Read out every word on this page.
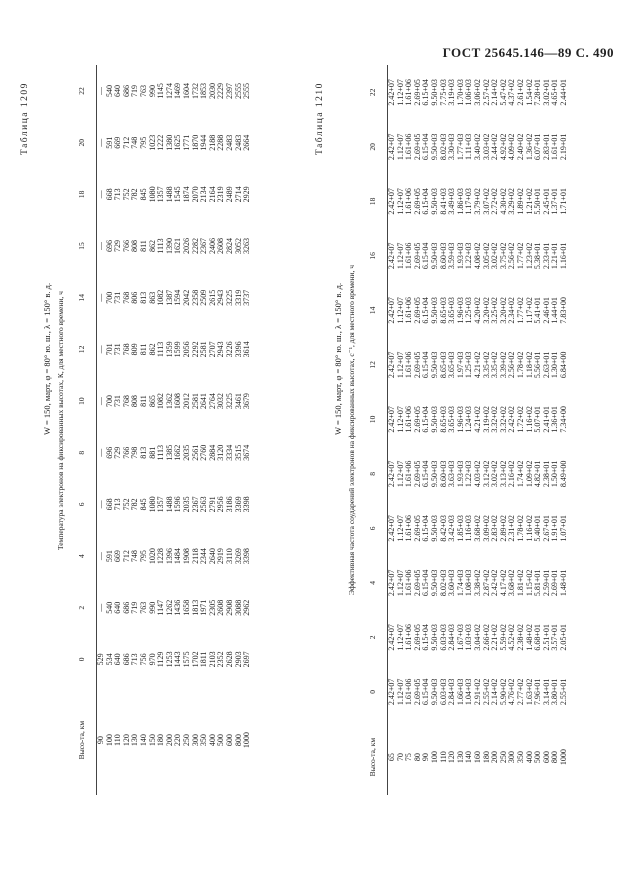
ГОСТ 25645.146—89 С. 490
Таблица 1209
W = 150, март, φ = 80° ю. ш., λ = 150° в. д. Температура электронов на фиксированных высотах, К, для местного времени, ч
Высо-та, км	0	2	4	6	8	10	12	14	15	18	20	22
90	529	—	—	—	—	—	—	—	—	—	—	—
100	534	540	591	668	696	700	701	700	696	668	591	540
110	640	640	669	713	729	731	731	731	729	713	669	640
120	686	686	712	752	766	768	768	768	766	752	712	686
130	713	719	748	782	798	808	809	806	808	782	748	719
140	756	763	795	845	813	811	811	813	811	845	795	763
150	970	990	1020	1080	881	865	862	863	862	1080	1023	990
180	1129	1147	1228	1357	1113	1082	1113	1082	1113	1357	1222	1145
200	1253	1262	1396	1488	1385	1362	1359	1387	1390	1488	1380	1274
220	1443	1436	1484	1596	1662	1608	1599	1594	1621	1545	1625	1469
250	1575	1658	1908	2035	2035	2012	2056	2042	2026	1874	1771	1604
300	1702	1813	2118	2367	2561	2581	2292	2358	2282	2070	1870	1732
350	1811	1971	2344	2563	2760	2641	2581	2509	2367	2134	1944	1853
400	2103	2305	2640	2791	2884	2764	2707	2615	2406	2164	2188	2030
500	2352	2608	2919	2956	3120	3032	2943	2943	2608	2319	2288	2229
600	2628	2908	3110	3186	3334	3225	3226	3225	2824	2489	2483	2397
800	2903	3088	3269	3369	3515	3461	3396	3319	3052	2714	2483	2555
1000	2697	2962	3398	3398	3674	3679	3614	3737	3263	2929	2664	2555	Таблица 1210
W = 150, март, φ = 80° ю. ш., λ = 150° в. д. Эффективная частота соударений электронов на фиксированных высотах, с⁻¹, для местного времени, ч
Высо-та, км	0	2	4	6	8	10	12	14	16	18	20	22
65	2.42+07	2.42+07	2.42+07	2.42+07	2.42+07	2.42+07	2.42+07	2.42+07	2.42+07	2.42+07	2.42+07	2.42+07
70	1.12+07	1.12+07	1.12+07	1.12+07	1.12+07	1.12+07	1.12+07	1.12+07	1.12+07	1.12+07	1.12+07	1.12+07
75	1.61+06	1.61+06	1.61+06	1.61+06	1.61+06	1.61+06	1.61+06	1.61+06	1.61+06	1.61+06	1.61+06	1.61+06
80	2.69+05	2.69+05	2.69+05	2.69+05	2.69+05	2.69+05	2.69+05	2.69+05	2.69+05	2.69+05	2.69+05	2.69+05
90	6.15+04	6.15+04	6.15+04	6.15+04	6.15+04	6.15+04	6.15+04	6.15+04	6.15+04	6.15+04	6.15+04	6.15+04
100	9.50+03	9.50+03	9.50+03	9.50+03	9.50+03	9.50+03	9.50+03	9.50+03	9.50+03	9.50+03	9.50+03	9.50+03
110	6.03+03	6.03+03	8.02+03	8.42+03	8.60+03	8.65+03	8.65+03	8.65+03	8.60+03	8.41+03	8.02+03	7.75+03
120	2.84+03	2.84+03	3.60+03	3.42+03	3.63+03	3.65+03	3.65+03	3.65+03	3.59+03	3.49+03	3.30+03	3.19+03
130	1.66+03	1.67+03	1.74+03	1.85+03	1.93+03	1.96+03	1.97+03	1.96+03	1.93+03	1.86+03	1.77+03	1.70+03
140	1.04+03	1.03+03	1.08+03	1.16+03	1.22+03	1.24+03	1.25+03	1.25+03	1.22+03	1.17+03	1.11+03	1.06+03
160	2.91+02	3.04+02	3.38+02	3.68+02	4.03+02	4.21+02	4.21+02	4.20+02	4.08+02	3.79+02	3.40+02	3.06+02
180	2.55+02	2.66+02	2.87+02	3.09+02	3.12+02	3.19+02	3.35+02	3.20+02	3.05+02	3.07+02	3.03+02	2.57+02
200	2.14+02	2.21+02	2.42+02	2.83+02	3.02+02	3.32+02	3.35+02	3.25+02	3.02+02	2.72+02	2.44+02	2.14+02
250	5.90+02	5.59+02	4.17+02	2.89+02	3.13+02	3.32+02	3.39+02	3.20+02	3.75+02	4.30+02	4.92+02	5.47+02
300	4.76+02	4.52+02	3.68+02	2.31+02	2.16+02	2.42+02	2.56+02	2.34+02	2.56+02	3.29+02	4.09+02	4.37+02
350	2.77+02	2.38+02	1.81+02	1.78+02	1.74+02	1.72+02	1.78+02	1.77+02	1.77+02	1.89+02	2.40+02	2.61+02
400	1.63+02	1.48+02	1.15+02	1.16+02	1.09+02	1.16+02	1.18+02	1.17+02	1.23+02	1.21+02	1.36+02	1.54+02
500	7.96+01	6.68+01	5.81+01	5.40+01	4.82+01	5.07+01	5.56+01	5.41+01	5.38+01	5.50+01	6.07+01	7.28+01
600	3.14+01	2.51+01	2.59+01	2.67+01	2.38+01	2.41+01	2.63+01	2.46+01	2.33+01	2.45+01	2.83+01	3.02+01
800	3.80+01	3.57+01	2.69+01	1.91+01	1.50+01	1.36+01	1.30+01	1.44+01	1.21+01	1.37+01	1.61+01	4.65+01
1000	2.55+01	2.05+01	1.48+01	1.07+01	8.49+00	7.34+00	6.84+00	7.83+00	1.16+01	1.71+01	2.19+01	2.44+01
